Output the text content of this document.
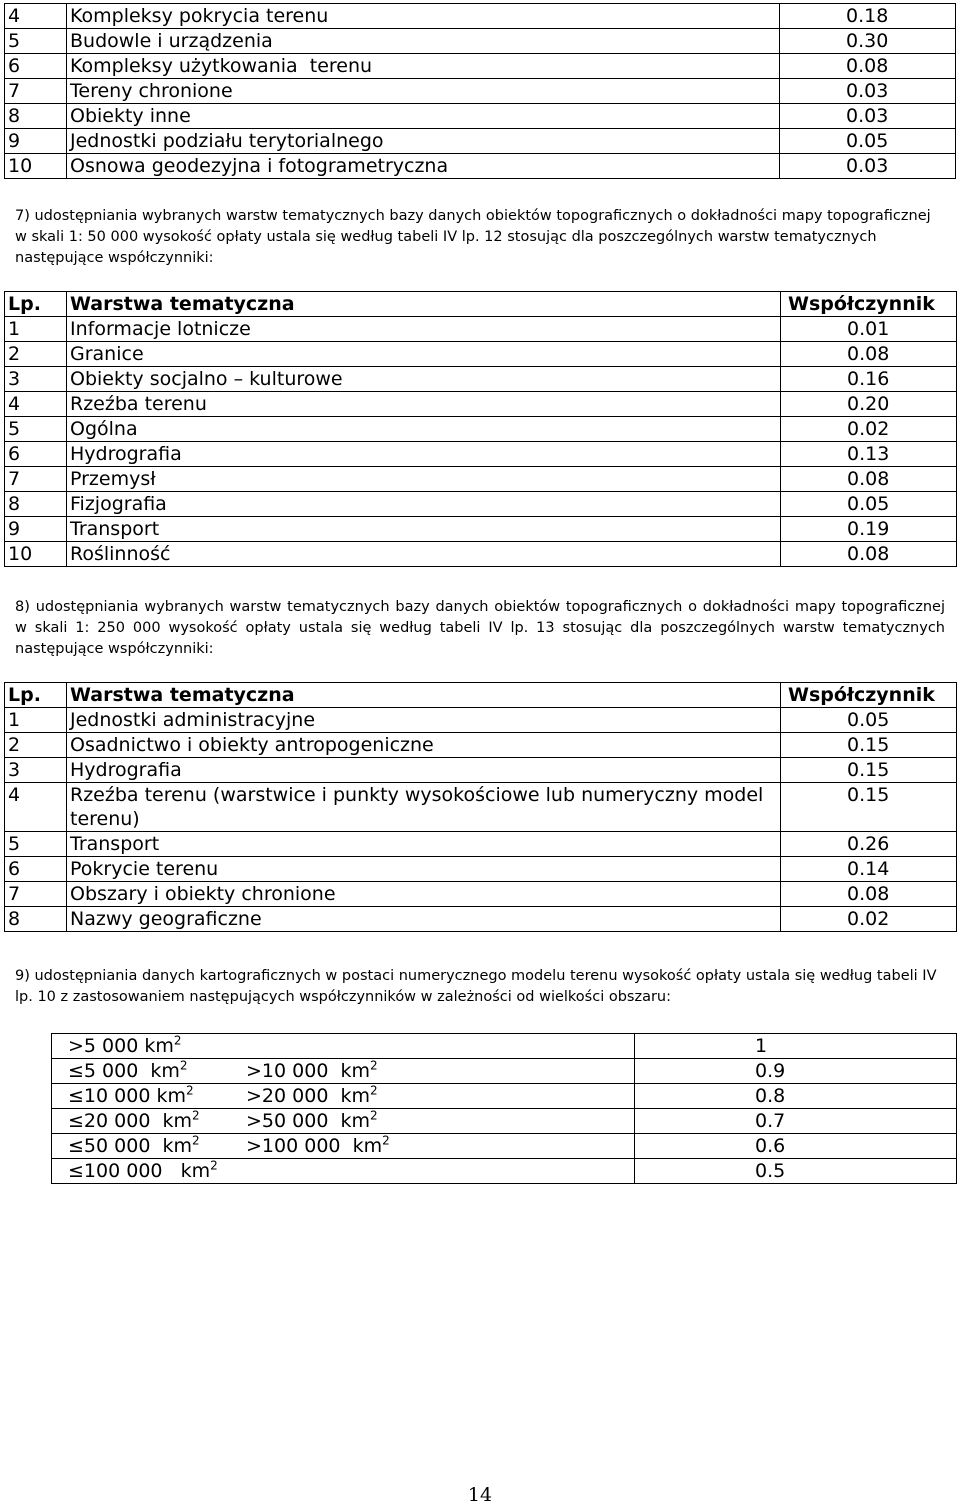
4	Kompleksy pokrycia terenu	0.18
5	Budowle i urządzenia	0.30
6	Kompleksy użytkowania  terenu	0.08
7	Tereny chronione	0.03
8	Obiekty inne	0.03
9	Jednostki podziału terytorialnego	0.05
10	Osnowa geodezyjna i fotogrametryczna	0.03
7) udostępniania wybranych warstw tematycznych bazy danych obiektów topograficznych o dokładności mapy topograficznej w skali 1: 50 000 wysokość opłaty ustala się według tabeli IV lp. 12 stosując dla poszczególnych warstw tematycznych następujące współczynniki:
Lp.	Warstwa tematyczna	Współczynnik
1	Informacje lotnicze	0.01
2	Granice	0.08
3	Obiekty socjalno – kulturowe	0.16
4	Rzeźba terenu	0.20
5	Ogólna	0.02
6	Hydrografia	0.13
7	Przemysł	0.08
8	Fizjografia	0.05
9	Transport	0.19
10	Roślinność	0.08
8) udostępniania wybranych warstw tematycznych bazy danych obiektów topograficznych o dokładności mapy topograficznej w skali 1: 250 000 wysokość opłaty ustala się według tabeli IV lp. 13 stosując dla poszczególnych warstw tematycznych następujące współczynniki:
Lp.	Warstwa tematyczna	Współczynnik
1	Jednostki administracyjne	0.05
2	Osadnictwo i obiekty antropogeniczne	0.15
3	Hydrografia	0.15
4	Rzeźba terenu (warstwice i punkty wysokościowe lub numeryczny model terenu)	0.15
5	Transport	0.26
6	Pokrycie terenu	0.14
7	Obszary i obiekty chronione	0.08
8	Nazwy geograficzne	0.02
9) udostępniania danych kartograficznych w postaci numerycznego modelu terenu wysokość opłaty ustala się według tabeli IV lp. 10 z zastosowaniem następujących współczynników w zależności od wielkości obszaru:
>5 000 $km^2$	1
≤5 000  $km^2 >10$ 000  $km^2$	0.9
≤10 000 $km^2 >20$ 000  $km^2$	0.8
≤20 000  $km^2 >50$ 000  $km^2$	0.7
≤50 000  $km^2 >100$ 000  $km^2$	0.6
≤100 000   $km^2$	0.5
14
